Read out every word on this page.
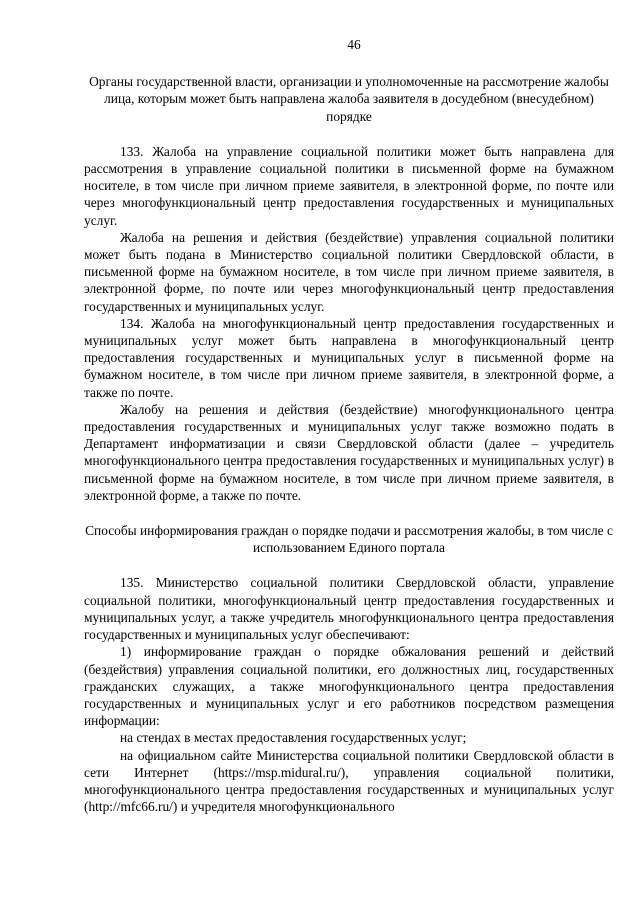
46
Органы государственной власти, организации и уполномоченные на рассмотрение жалобы лица, которым может быть направлена жалоба заявителя в досудебном (внесудебном) порядке

133. Жалоба на управление социальной политики может быть направлена для рассмотрения в управление социальной политики в письменной форме на бумажном носителе, в том числе при личном приеме заявителя, в электронной форме, по почте или через многофункциональный центр предоставления государственных и муниципальных услуг.

Жалоба на решения и действия (бездействие) управления социальной политики может быть подана в Министерство социальной политики Свердловской области, в письменной форме на бумажном носителе, в том числе при личном приеме заявителя, в электронной форме, по почте или через многофункциональный центр предоставления государственных и муниципальных услуг.

134. Жалоба на многофункциональный центр предоставления государственных и муниципальных услуг может быть направлена в многофункциональный центр предоставления государственных и муниципальных услуг в письменной форме на бумажном носителе, в том числе при личном приеме заявителя, в электронной форме, а также по почте.

Жалобу на решения и действия (бездействие) многофункционального центра предоставления государственных и муниципальных услуг также возможно подать в Департамент информатизации и связи Свердловской области (далее – учредитель многофункционального центра предоставления государственных и муниципальных услуг) в письменной форме на бумажном носителе, в том числе при личном приеме заявителя, в электронной форме, а также по почте.

Способы информирования граждан о порядке подачи и рассмотрения жалобы, в том числе с использованием Единого портала

135. Министерство социальной политики Свердловской области, управление социальной политики, многофункциональный центр предоставления государственных и муниципальных услуг, а также учредитель многофункционального центра предоставления государственных и муниципальных услуг обеспечивают:

1) информирование граждан о порядке обжалования решений и действий (бездействия) управления социальной политики, его должностных лиц, государственных гражданских служащих, а также многофункционального центра предоставления государственных и муниципальных услуг и его работников посредством размещения информации:

на стендах в местах предоставления государственных услуг;

на официальном сайте Министерства социальной политики Свердловской области в сети Интернет (https://msp.midural.ru/), управления социальной политики, многофункционального центра предоставления государственных и муниципальных услуг (http://mfc66.ru/) и учредителя многофункционального
